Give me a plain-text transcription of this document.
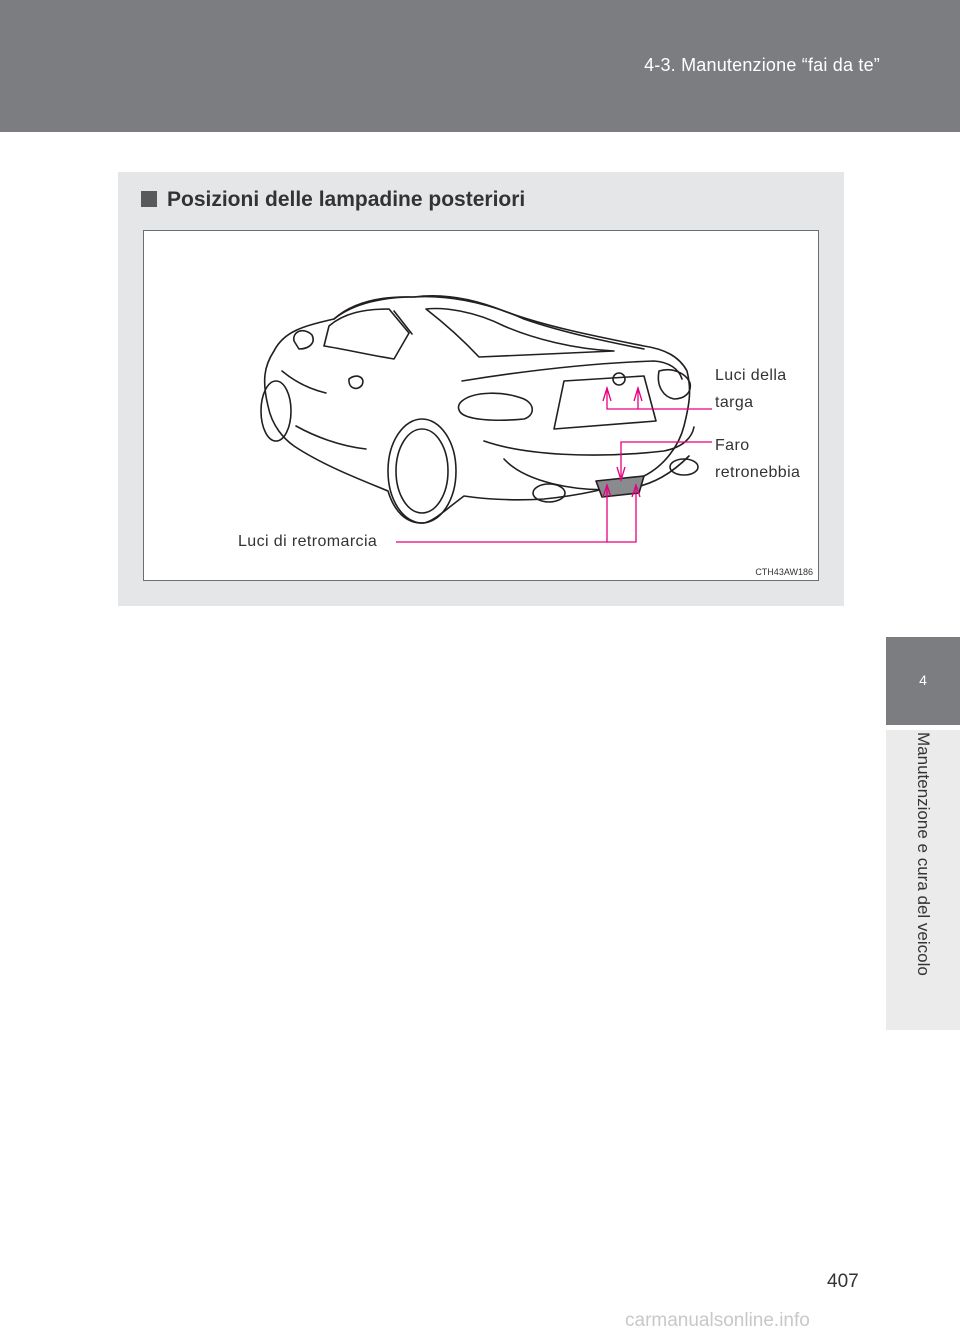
4-3. Manutenzione “fai da te”
4
Manutenzione e cura del veicolo
Posizioni delle lampadine posteriori
Luci della
targa
Faro
retronebbia
Luci di retromarcia
CTH43AW186
407
carmanualsonline.info
